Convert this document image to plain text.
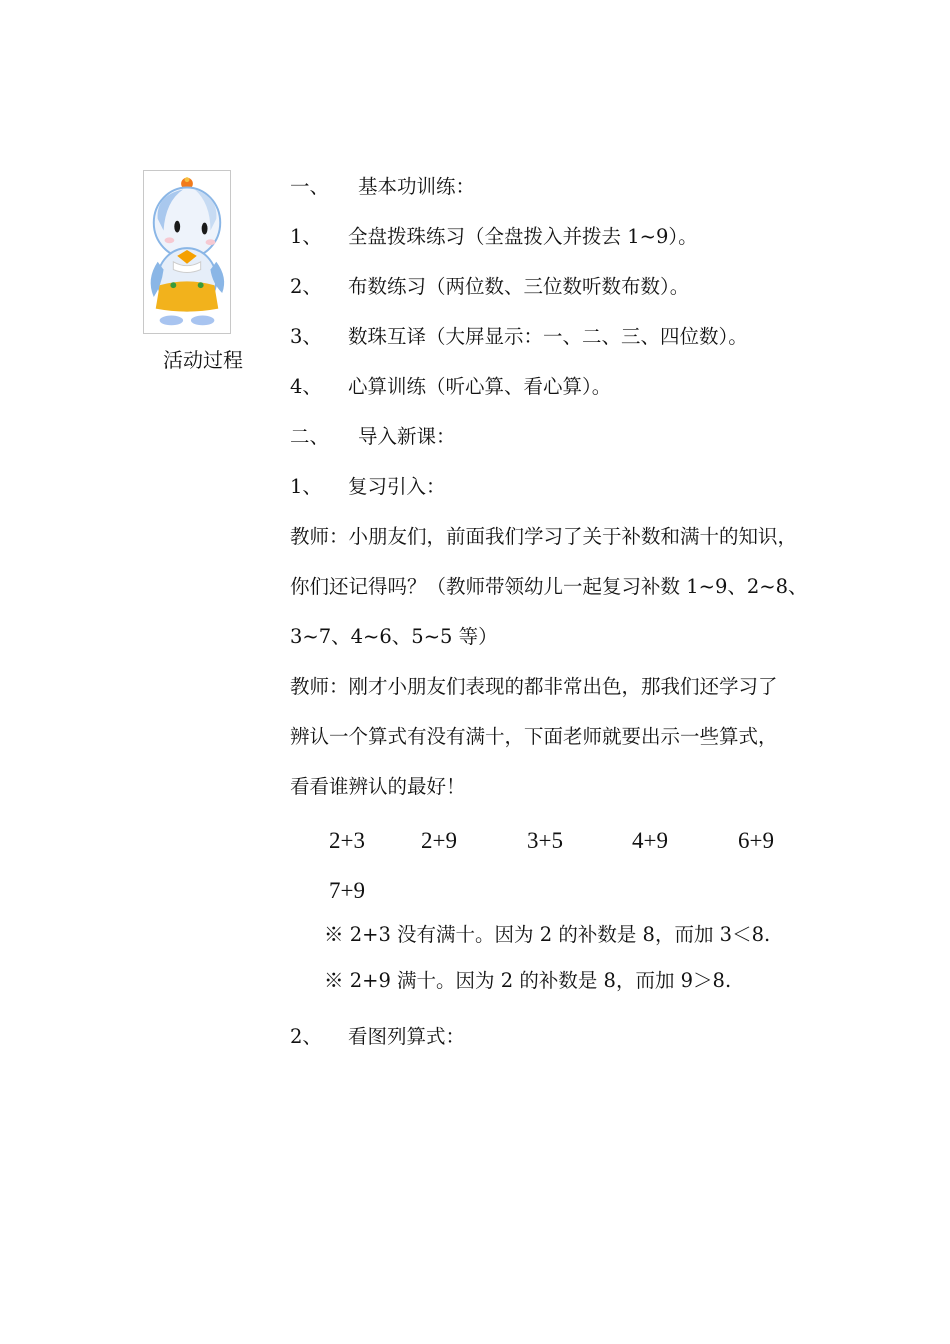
活动过程
一、 基本功训练：
1、 全盘拨珠练习（全盘拨入并拨去 1~9）。
2、 布数练习（两位数、三位数听数布数）。
3、 数珠互译（大屏显示：一、二、三、四位数）。
4、 心算训练（听心算、看心算）。
二、 导入新课：
1、 复习引入：
教师：小朋友们，前面我们学习了关于补数和满十的知识，
你们还记得吗？（教师带领幼儿一起复习补数 1~9、2~8、
3~7、4~6、5~5 等）
教师：刚才小朋友们表现的都非常出色，那我们还学习了
辨认一个算式有没有满十，下面老师就要出示一些算式，
看看谁辨认的最好！
2+3 2+9	3+5	4+9	6+9
7+9
※ 2+3 没有满十。因为 2 的补数是 8，而加 3＜8.
※ 2+9 满十。因为 2 的补数是 8，而加 9＞8.
2、 看图列算式：
